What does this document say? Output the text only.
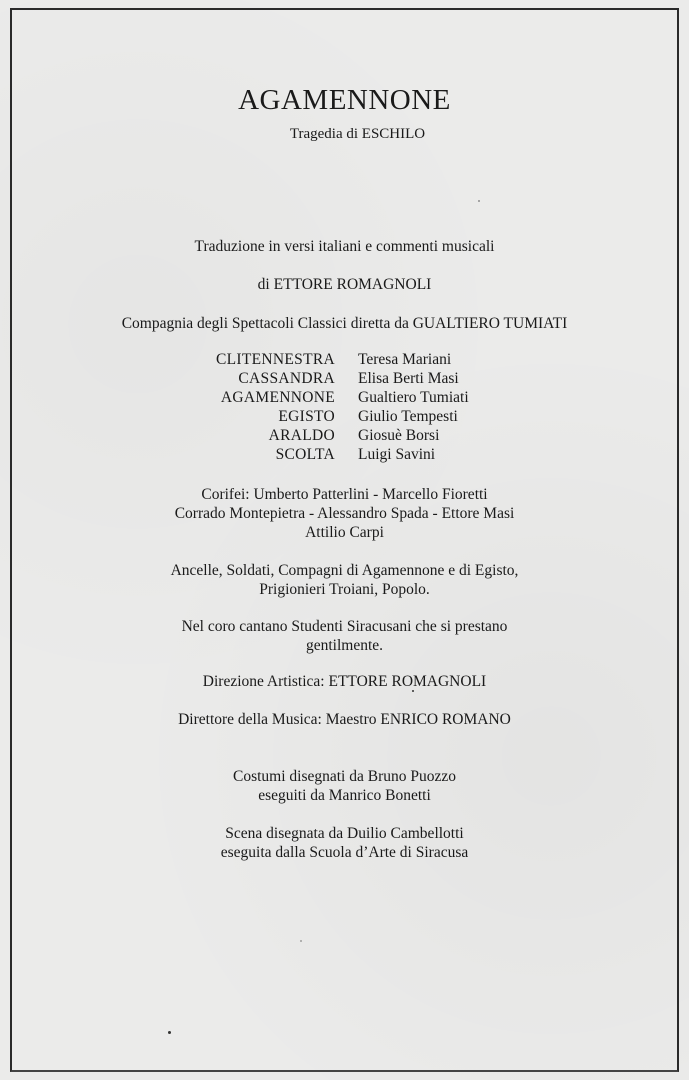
AGAMENNONE
Tragedia di ESCHILO
Traduzione in versi italiani e commenti musicali
di ETTORE ROMAGNOLI
Compagnia degli Spettacoli Classici diretta da GUALTIERO TUMIATI
CLITENNESTRA Teresa Mariani
CASSANDRA Elisa Berti Masi
AGAMENNONE Gualtiero Tumiati
EGISTO Giulio Tempesti
ARALDO Giosuè Borsi
SCOLTA Luigi Savini
Corifei: Umberto Patterlini - Marcello Fioretti
Corrado Montepietra - Alessandro Spada - Ettore Masi
Attilio Carpi
Ancelle, Soldati, Compagni di Agamennone e di Egisto,
Prigionieri Troiani, Popolo.
Nel coro cantano Studenti Siracusani che si prestano
gentilmente.
Direzione Artistica: ETTORE ROMAGNOLI
Direttore della Musica: Maestro ENRICO ROMANO
Costumi disegnati da Bruno Puozzo
eseguiti da Manrico Bonetti
Scena disegnata da Duilio Cambellotti
eseguita dalla Scuola d’Arte di Siracusa
